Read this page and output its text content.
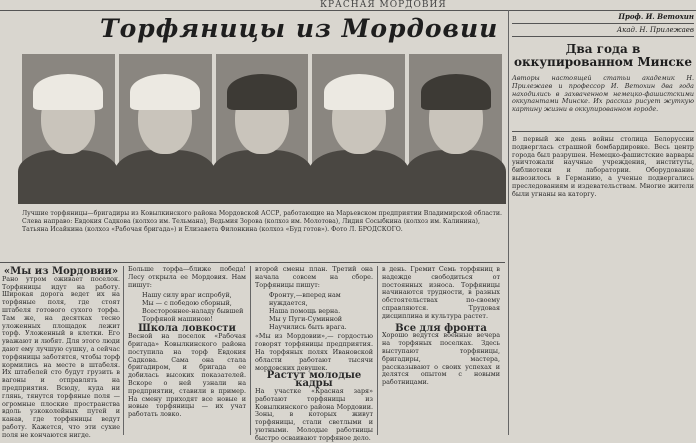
КРАСНАЯ МОРДОВИЯ
Торфяницы из Мордовии
Лучшие торфяницы—бригадиры из Ковылкинского района Мордовской АССР, работающие на Марьевском предприятии Владимирской области. Слева направо: Евдокия Садкова (колхоз им. Тельмана), Ведьмия Зорова (колхоз им. Молотова), Лидия Сосыбкина (колхоз им. Калинина), Татьяна Исайкина (колхоз «Рабочая бригада») и Елизавета Филонкина (колхоз «Буд готов»). Фото Л. БРОДСКОГО.
«Мы из Мордовии»
Рано утром оживает поселок. Торфяницы идут на работу. Широкая дорога ведет их на торфяные поля, где стоят штабеля готового сухого торфа. Там же, на десятках тесно уложенных площадок лежит торф. Уложенный в клетки. Его уважают и любят. Для этого люди дают ему лучшую сушку, а сейчас торфяницы заботятся, чтобы торф кормились на месте в штабеля. Их штабелей сто будут грузить в вагоны и отправлять на предприятия. Всюду, куда ни глянь, тянутся торфяные поля — огромные плоские пространства вдоль узкоколейных путей и канав, где торфяницы ведут работу. Кажется, что эти сухие поля не кончаются нигде.
Больше торфа—ближе победа! Лесу открыла ее Мордовия. Нам пишут:
Нашу силу враг испробуй,
Мы — с победою сборный,
Всестороннее-наладу бывшей
Торфяной машиною!
Школа ловкости
Весной на поселок «Рабочая бригада» Ковылкинского района поступила на торф Евдокия Садкова. Сама она стала бригадиром, и бригада ее добилась высоких показателей. Вскоре о ней узнали на предприятии, ставили в пример. На смену приходят все новые и новые торфяницы — их учат работать ловко.
второй смены план. Третий она начала совсем на сборе. Торфяницы пишут:
Фронту,—вперед нам нуждается,
Наша помощь верна.
Мы у Пуги-Суминной
Научились быть врага.
«Мы из Мордовии»,— гордостью говорят торфяницы предприятия. На торфяных полях Ивановской области работают тысячи мордовских девушек.
Растут молодые кадры
На участке «Красная заря» работают торфяницы из Ковылкинского района Мордовии. Зоны, в которых живут торфяницы, стали светлыми и уютными. Молодые работницы быстро осваивают торфяное дело.
в день. Гремит Семь торфяниц в надежде свободиться от постоянных износа. Торфяницы начинаются трудности, в разных обстоятельствах по-своему справляются. Трудовая дисциплина и культура растет.
Все для фронта
Хорошо ведутся военные вечера на торфяных поселках. Здесь выступают торфяницы, бригадиры, мастера, рассказывают о своих успехах и делятся опытом с новыми работницами.
Проф. И. Ветохин
Акад. Н. Прилежаев
Два года в оккупированном Минске
Авторы настоящей статьи академик Н. Прилежаев и профессор И. Ветохин два года находились в захваченном немецко-фашистскими оккупантами Минске. Их рассказ рисует жуткую картину жизни в оккупированном городе.
В первый же день войны столица Белоруссии подверглась страшной бомбардировке. Весь центр города был разрушен. Немецко-фашистские варвары уничтожали научные учреждения, институты, библиотеки и лаборатории. Оборудование вывозилось в Германию, а ученые подвергались преследованиям и издевательствам. Многие жители были угнаны на каторгу.
